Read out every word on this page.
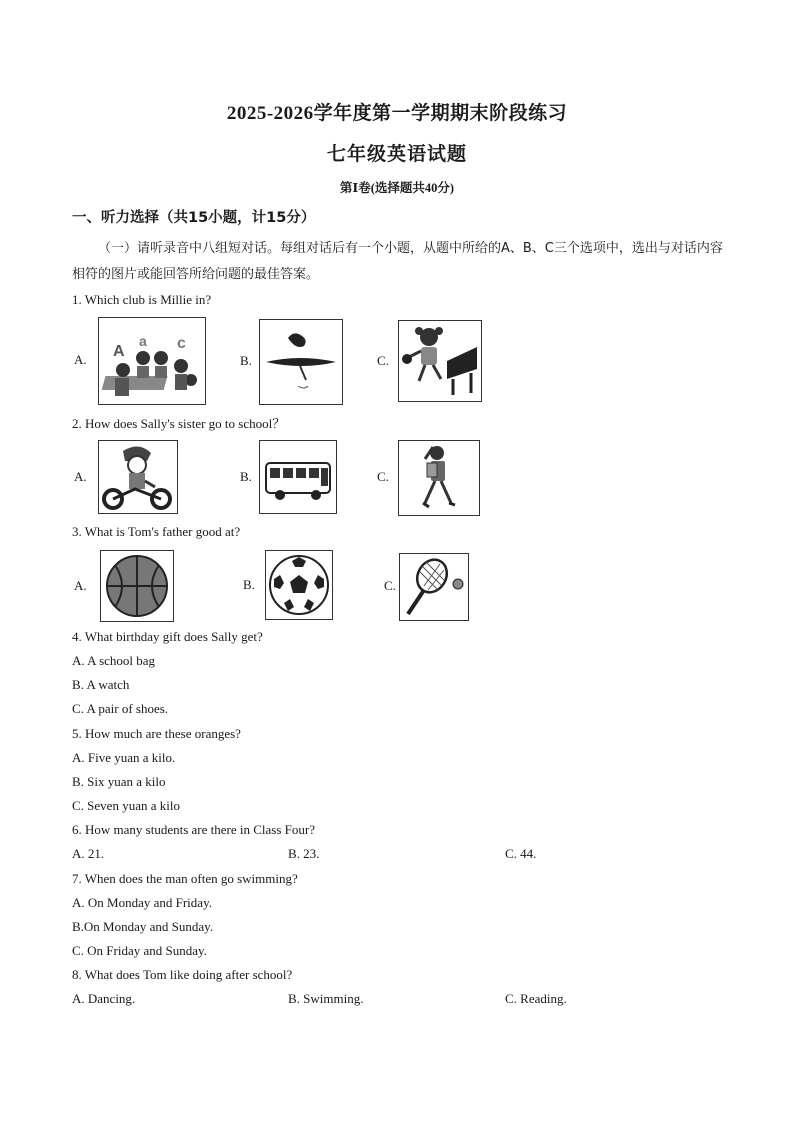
2025-2026学年度第一学期期末阶段练习
七年级英语试题
第Ⅰ卷(选择题共40分)
一、听力选择（共15小题，计15分）
（一）请听录音中八组短对话。每组对话后有一个小题，从题中所给的A、B、C三个选项中，选出与对话内容相符的图片或能回答所给问题的最佳答案。
1. Which club is Millie in?
A. A
a c
B.	C.
2. How does Sally's sister go to school？
A.	B.	C.
3. What is Tom's father good at?
A.	B.	C.
4. What birthday gift does Sally get?
A. A school bag
B. A watch
C. A pair of shoes.
5. How much are these oranges?
A. Five yuan a kilo.
B. Six yuan a kilo
C. Seven yuan a kilo
6. How many students are there in Class Four?
A. 21.	B. 23.	C. 44.
7. When does the man often go swimming?
A. On Monday and Friday.
B.On Monday and Sunday.
C. On Friday and Sunday.
8. What does Tom like doing after school?
A. Dancing.	B. Swimming.	C. Reading.
